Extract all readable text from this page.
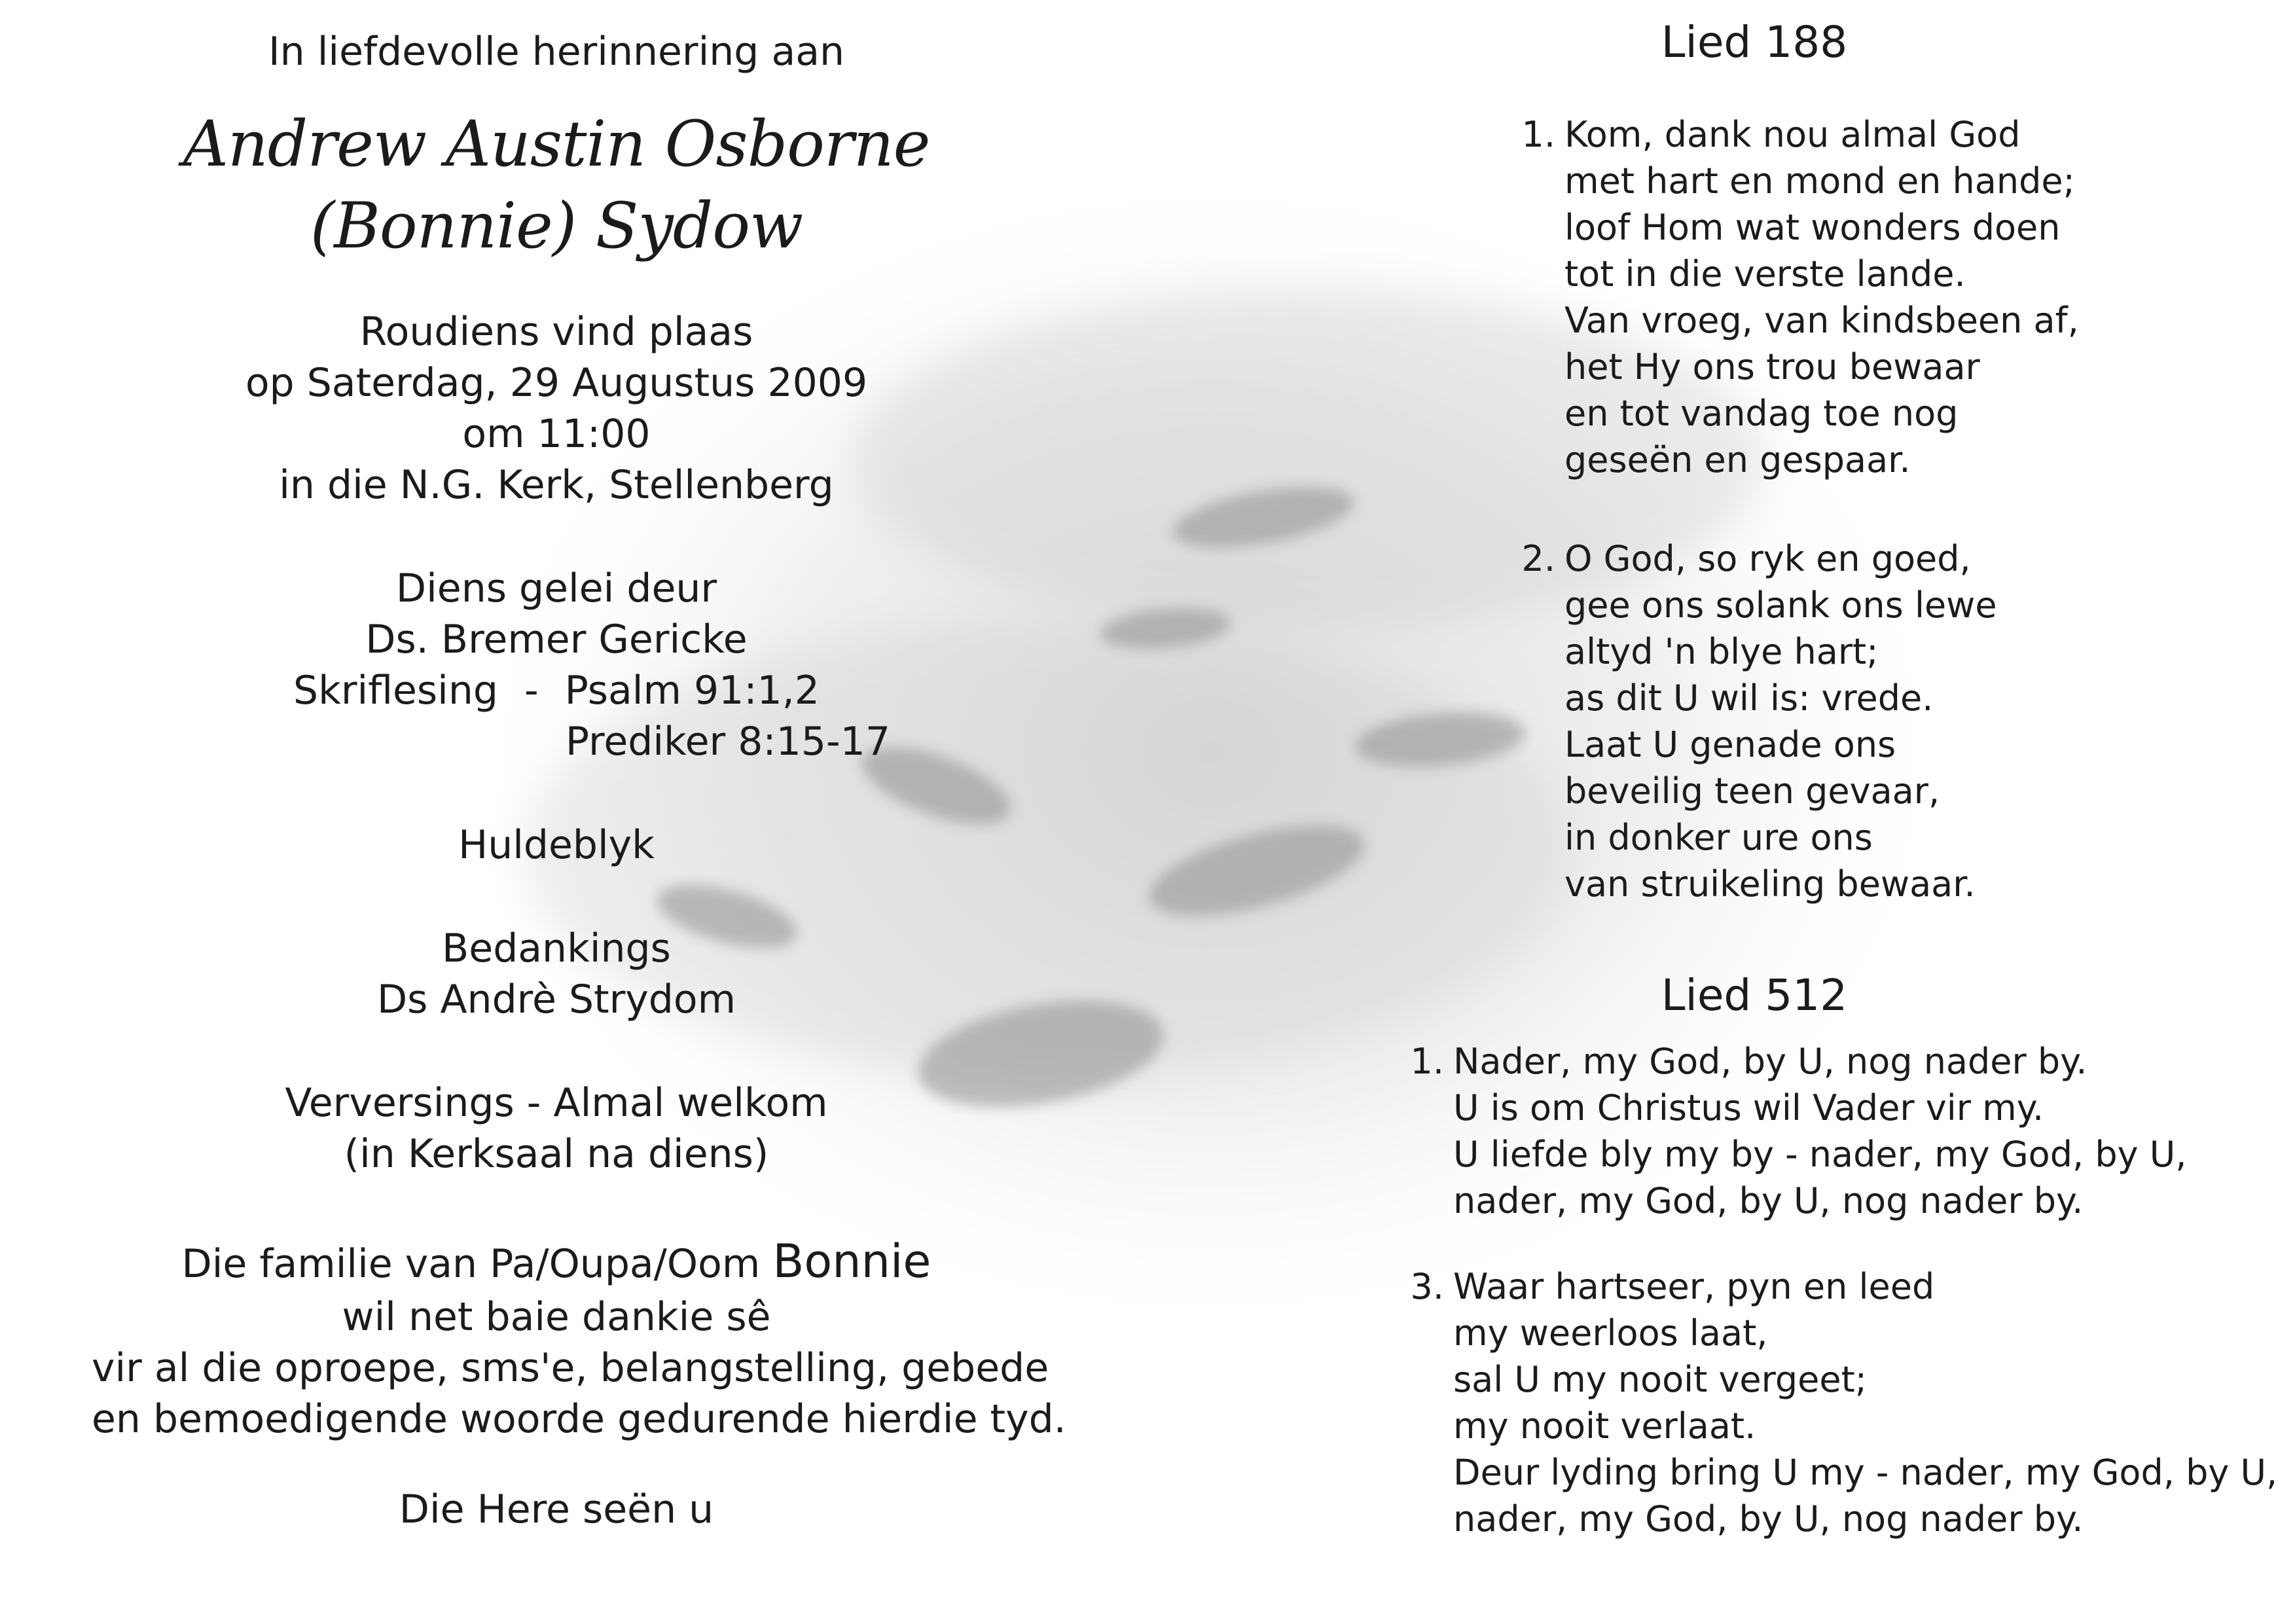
In liefdevolle herinnering aan
Andrew Austin Osborne
(Bonnie) Sydow
Roudiens vind plaas
op Saterdag, 29 Augustus 2009
om 11:00
in die N.G. Kerk, Stellenberg
Diens gelei deur
Ds. Bremer Gericke
Skriflesing - Psalm 91:1,2
Prediker 8:15-17
Huldeblyk
Bedankings
Ds Andrè Strydom
Verversings - Almal welkom
(in Kerksaal na diens)
Die familie van Pa/Oupa/Oom Bonnie
wil net baie dankie sê
vir al die oproepe, sms'e, belangstelling, gebede
en bemoedigende woorde gedurende hierdie tyd.
Die Here seën u
Lied 188
1. Kom, dank nou almal God
met hart en mond en hande;
loof Hom wat wonders doen
tot in die verste lande.
Van vroeg, van kindsbeen af,
het Hy ons trou bewaar
en tot vandag toe nog
geseën en gespaar.
2. O God, so ryk en goed,
gee ons solank ons lewe
altyd 'n blye hart;
as dit U wil is: vrede.
Laat U genade ons
beveilig teen gevaar,
in donker ure ons
van struikeling bewaar.
Lied 512
1. Nader, my God, by U, nog nader by.
U is om Christus wil Vader vir my.
U liefde bly my by - nader, my God, by U,
nader, my God, by U, nog nader by.
3. Waar hartseer, pyn en leed
my weerloos laat,
sal U my nooit vergeet;
my nooit verlaat.
Deur lyding bring U my - nader, my God, by U,
nader, my God, by U, nog nader by.
